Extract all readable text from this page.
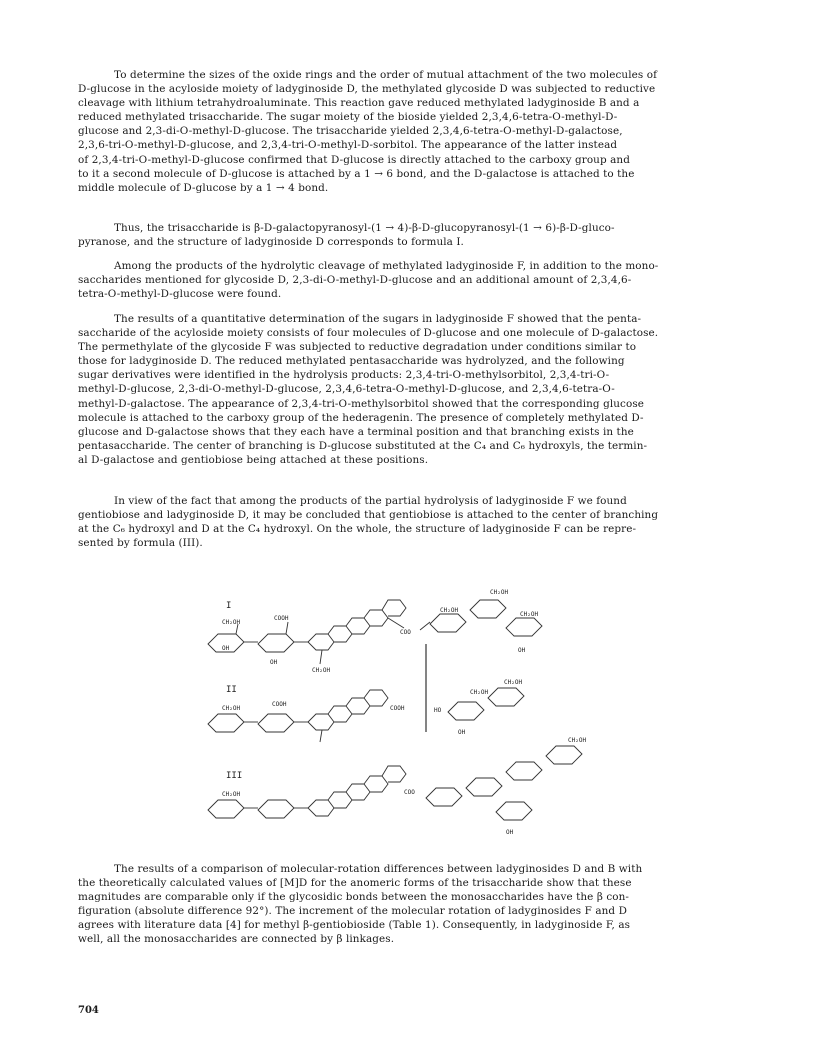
To determine the sizes of the oxide rings and the order of mutual attachment of the two molecules of
D-glucose in the acyloside moiety of ladyginoside D, the methylated glycoside D was subjected to reductive
cleavage with lithium tetrahydroaluminate. This reaction gave reduced methylated ladyginoside B and a
reduced methylated trisaccharide. The sugar moiety of the bioside yielded 2,3,4,6-tetra-O-methyl-D-
glucose and 2,3-di-O-methyl-D-glucose. The trisaccharide yielded 2,3,4,6-tetra-O-methyl-D-galactose,
2,3,6-tri-O-methyl-D-glucose, and 2,3,4-tri-O-methyl-D-sorbitol. The appearance of the latter instead
of 2,3,4-tri-O-methyl-D-glucose confirmed that D-glucose is directly attached to the carboxy group and
to it a second molecule of D-glucose is attached by a 1 → 6 bond, and the D-galactose is attached to the
middle molecule of D-glucose by a 1 → 4 bond.

Thus, the trisaccharide is β-D-galactopyranosyl-(1 → 4)-β-D-glucopyranosyl-(1 → 6)-β-D-gluco-
pyranose, and the structure of ladyginoside D corresponds to formula I.

Among the products of the hydrolytic cleavage of methylated ladyginoside F, in addition to the mono-
saccharides mentioned for glycoside D, 2,3-di-O-methyl-D-glucose and an additional amount of 2,3,4,6-
tetra-O-methyl-D-glucose were found.

The results of a quantitative determination of the sugars in ladyginoside F showed that the penta-
saccharide of the acyloside moiety consists of four molecules of D-glucose and one molecule of D-galactose.
The permethylate of the glycoside F was subjected to reductive degradation under conditions similar to
those for ladyginoside D. The reduced methylated pentasaccharide was hydrolyzed, and the following
sugar derivatives were identified in the hydrolysis products: 2,3,4-tri-O-methylsorbitol, 2,3,4-tri-O-
methyl-D-glucose, 2,3-di-O-methyl-D-glucose, 2,3,4,6-tetra-O-methyl-D-glucose, and 2,3,4,6-tetra-O-
methyl-D-galactose. The appearance of 2,3,4-tri-O-methylsorbitol showed that the corresponding glucose
molecule is attached to the carboxy group of the hederagenin. The presence of completely methylated D-
glucose and D-galactose shows that they each have a terminal position and that branching exists in the
pentasaccharide. The center of branching is D-glucose substituted at the C₄ and C₆ hydroxyls, the termin-
al D-galactose and gentiobiose being attached at these positions.

In view of the fact that among the products of the partial hydrolysis of ladyginoside F we found
gentiobiose and ladyginoside D, it may be concluded that gentiobiose is attached to the center of branching
at the C₆ hydroxyl and D at the C₄ hydroxyl. On the whole, the structure of ladyginoside F can be repre-
sented by formula (III).

I
CH₂OH
OH
COOH
OH
CH₂OH
COO
CH₂OH
CH₂OH
CH₂OH
OH
II
CH₂OH
COOH
COOH	HO
CH₂OH
CH₂OH
OH
III
CH₂OH	COO
CH₂OH
OH

The results of a comparison of molecular-rotation differences between ladyginosides D and B with
the theoretically calculated values of [M]D for the anomeric forms of the trisaccharide show that these
magnitudes are comparable only if the glycosidic bonds between the monosaccharides have the β con-
figuration (absolute difference 92°). The increment of the molecular rotation of ladyginosides F and D
agrees with literature data [4] for methyl β-gentiobioside (Table 1). Consequently, in ladyginoside F, as
well, all the monosaccharides are connected by β linkages.

704
